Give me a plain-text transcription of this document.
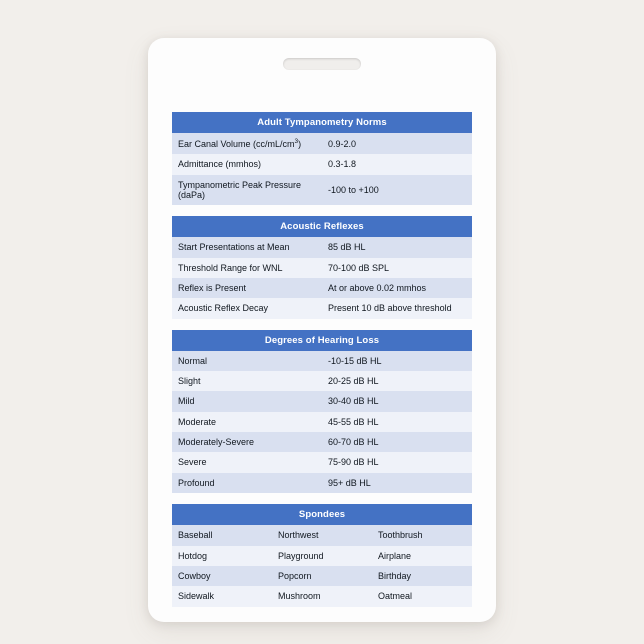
Adult Tympanometry Norms	
Ear Canal Volume $(cc/mL/cm^3)$	0.9-2.0
Admittance (mmhos)	0.3-1.8
Tympanometric Peak Pressure (daPa)	-100 to +100
Acoustic Reflexes	
Start Presentations at Mean	85 dB HL
Threshold Range for WNL	70-100 dB SPL
Reflex is Present	At or above 0.02 mmhos
Acoustic Reflex Decay	Present 10 dB above threshold
Degrees of Hearing Loss	
Normal	-10-15 dB HL
Slight	20-25 dB HL
Mild	30-40 dB HL
Moderate	45-55 dB HL
Moderately-Severe	60-70 dB HL
Severe	75-90 dB HL
Profound	95+ dB HL
Spondees		
Baseball	Northwest	Toothbrush
Hotdog	Playground	Airplane
Cowboy	Popcorn	Birthday
Sidewalk	Mushroom	Oatmeal
